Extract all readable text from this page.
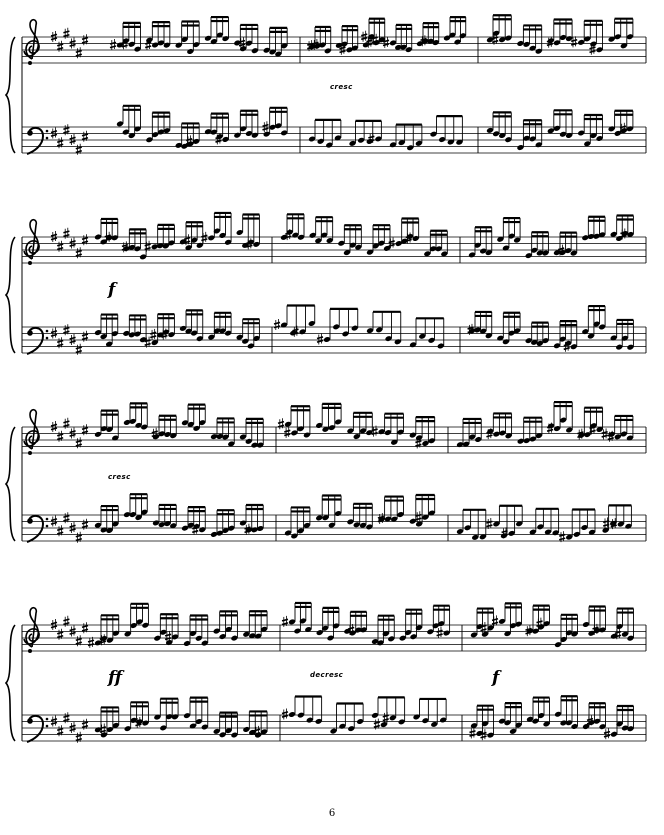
cresc
f
cresc
ff	decresc	f
6
